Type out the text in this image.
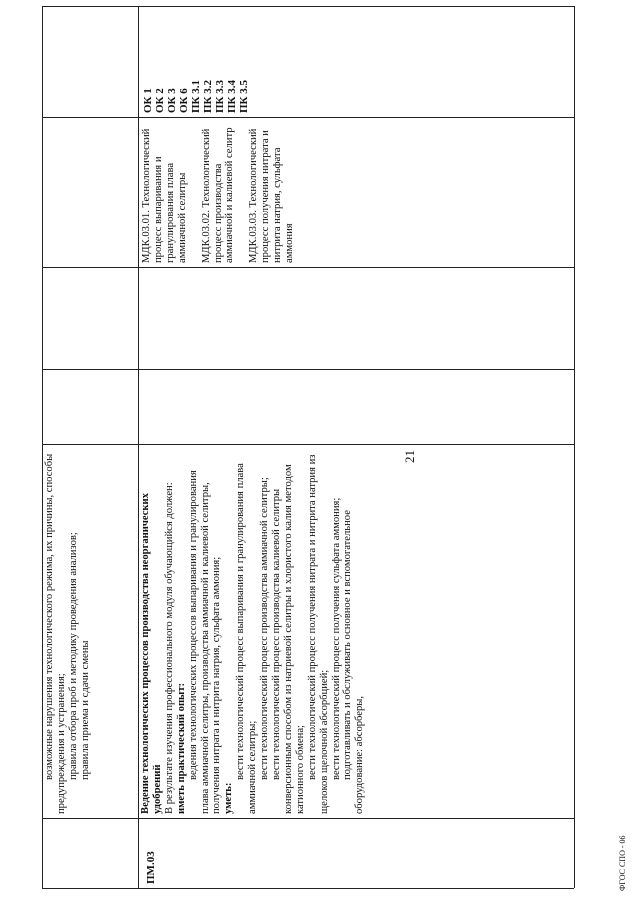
21

возможные нарушения технологического режима, их причины, способы предупреждения и устранения; правила отбора проб и методику проведения анализов; правила приема и сдачи смены

ПМ.03

Ведение технологических процессов производства неорганических удобрений В результате изучения профессионального модуля обучающийся должен: иметь практический опыт: ведения технологических процессов выпаривания и гранулирования плава аммиачной селитры, производства аммиачной и калиевой селитры, получения нитрата и нитрита натрия, сульфата аммония; уметь:

вести технологический процесс выпаривания и гранулирования плава аммиачной селитры; вести технологический процесс производства аммиачной селитры; вести технологический процесс производства калиевой селитры конверсионным способом из натриевой селитры и хлористого калия методом катионного обмена; вести технологический процесс получения нитрата и нитрита натрия из щелоков щелочной абсорбцией; вести технологический процесс получения сульфата аммония; подготавливать и обслуживать основное и вспомогательное оборудование: абсорберы,

МДК.03.01. Технологический процесс выпаривания и гранулирования плава аммиачной селитры МДК.03.02. Технологический процесс производства аммиачной и калиевой селитр МДК.03.03. Технологический процесс получения нитрата и нитрита натрия, сульфата аммония

ОК 1 ОК 2 ОК 3 ОК 6 ПК 3.1 ПК 3.2 ПК 3.3 ПК 3.4 ПК 3.5
ФГОС СПО - 06
